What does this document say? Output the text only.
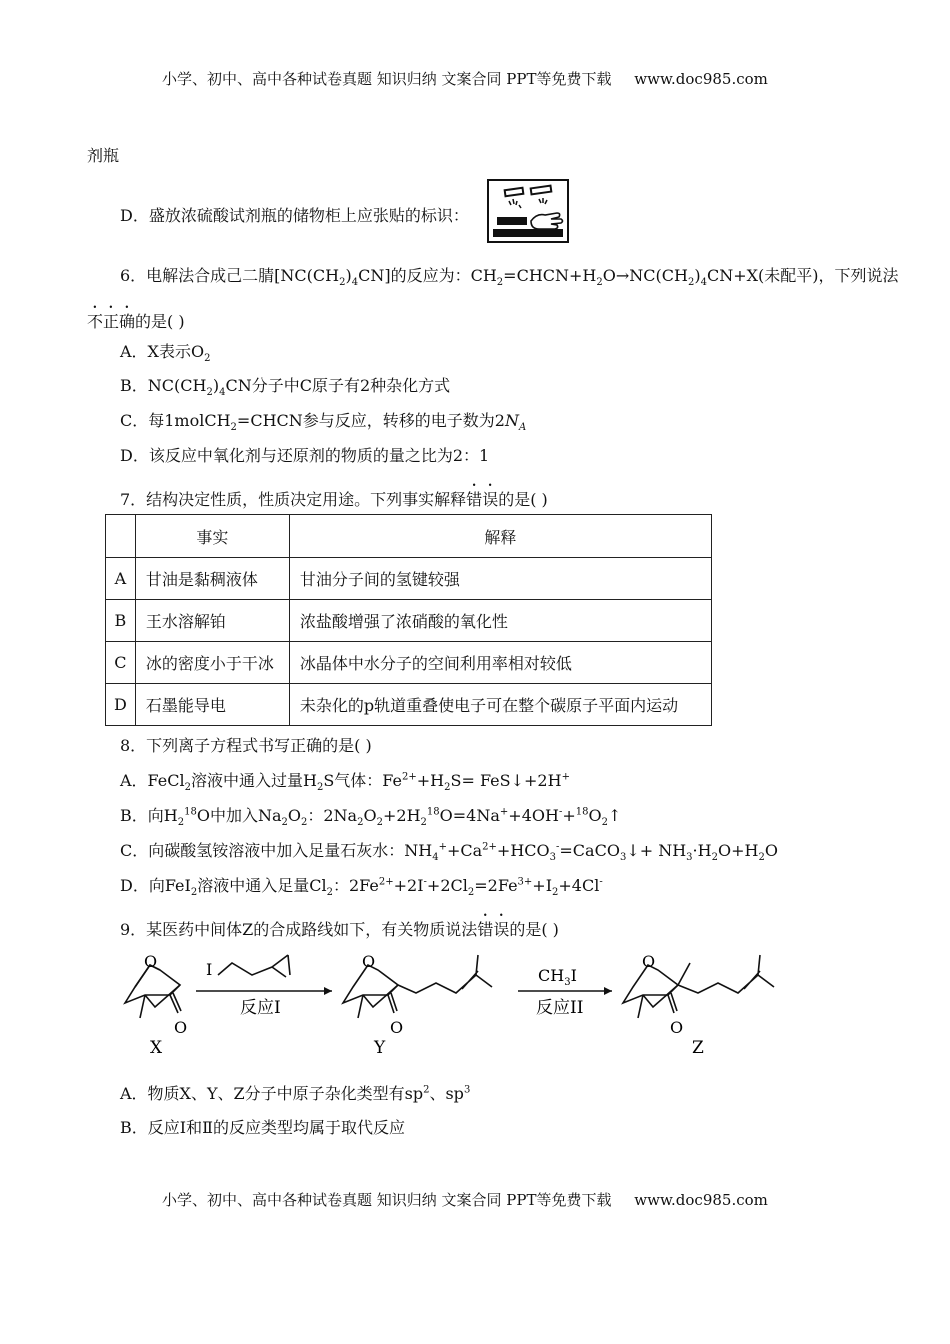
小学、初中、高中各种试卷真题 知识归纳 文案合同 PPT等免费下载 www.doc985.com
剂瓶
D．盛放浓硫酸试剂瓶的储物柜上应张贴的标识：
6．电解法合成己二腈$[NC(CH_2)_4CN]$的反应为：$CH_2=CHCN+H_2O\to NC(CH_2)_4CN+X$(未配平)，下列说法
不正确的是( )
A．X表示$O_2$
B．$NC(CH_2)_4CN$分子中C原子有2种杂化方式
C．每1molCH$_2$=CHCN参与反应，转移的电子数为$2N_A$
D．该反应中氧化剂与还原剂的物质的量之比为2：1
7．结构决定性质，性质决定用途。下列事实解释错误的是( )
	事实	解释
A	甘油是黏稠液体	甘油分子间的氢键较强
B	王水溶解铂	浓盐酸增强了浓硝酸的氧化性
C	冰的密度小于干冰	冰晶体中水分子的空间利用率相对较低
D	石墨能导电	未杂化的p轨道重叠使电子可在整个碳原子平面内运动
8．下列离子方程式书写正确的是( )
A．FeCl$_2$溶液中通入过量$H_2S$气体：$Fe^{2+}+H_2S=$ FeS↓+2H+
B．向$H_2^{18}O$中加入$Na_2O_2$：$2Na_2O_2+2H_2^{18}O=4Na^++4OH^-+^{18}O_2↑$
C．向碳酸氢铵溶液中加入足量石灰水：$NH_4^++Ca^{2+}+HCO_3^-=CaCO_3↓+ NH_3\cdot H_2O+H_2O$
D．向FeI$_2$溶液中通入足量$Cl_2$：$2Fe^{2+}+2I^-+2Cl_2=2Fe^{3+}+I_2+4Cl^-$
9．某医药中间体Z的合成路线如下，有关物质说法错误的是( )
O
O
X
I
反应I
O
O
Y
$CH_3I$
反应II
O
O
Z
A．物质X、Y、Z分子中原子杂化类型有$sp^2$、$sp^3$
B．反应Ⅰ和Ⅱ的反应类型均属于取代反应
小学、初中、高中各种试卷真题 知识归纳 文案合同 PPT等免费下载 www.doc985.com
